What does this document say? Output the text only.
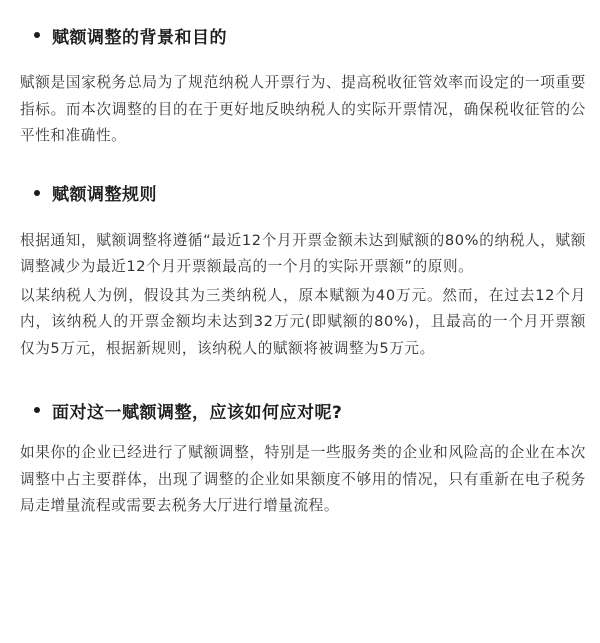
赋额调整的背景和目的

赋额是国家税务总局为了规范纳税人开票行为、提高税收征管效率而设定的一项重要指标。而本次调整的目的在于更好地反映纳税人的实际开票情况，确保税收征管的公平性和准确性。

赋额调整规则

根据通知，赋额调整将遵循“最近12个月开票金额未达到赋额的80%的纳税人，赋额调整减少为最近12个月开票额最高的一个月的实际开票额”的原则。

以某纳税人为例，假设其为三类纳税人，原本赋额为40万元。然而，在过去12个月内，该纳税人的开票金额均未达到32万元(即赋额的80%)，且最高的一个月开票额仅为5万元，根据新规则，该纳税人的赋额将被调整为5万元。

面对这一赋额调整，应该如何应对呢?

如果你的企业已经进行了赋额调整，特别是一些服务类的企业和风险高的企业在本次调整中占主要群体，出现了调整的企业如果额度不够用的情况，只有重新在电子税务局走增量流程或需要去税务大厅进行增量流程。
